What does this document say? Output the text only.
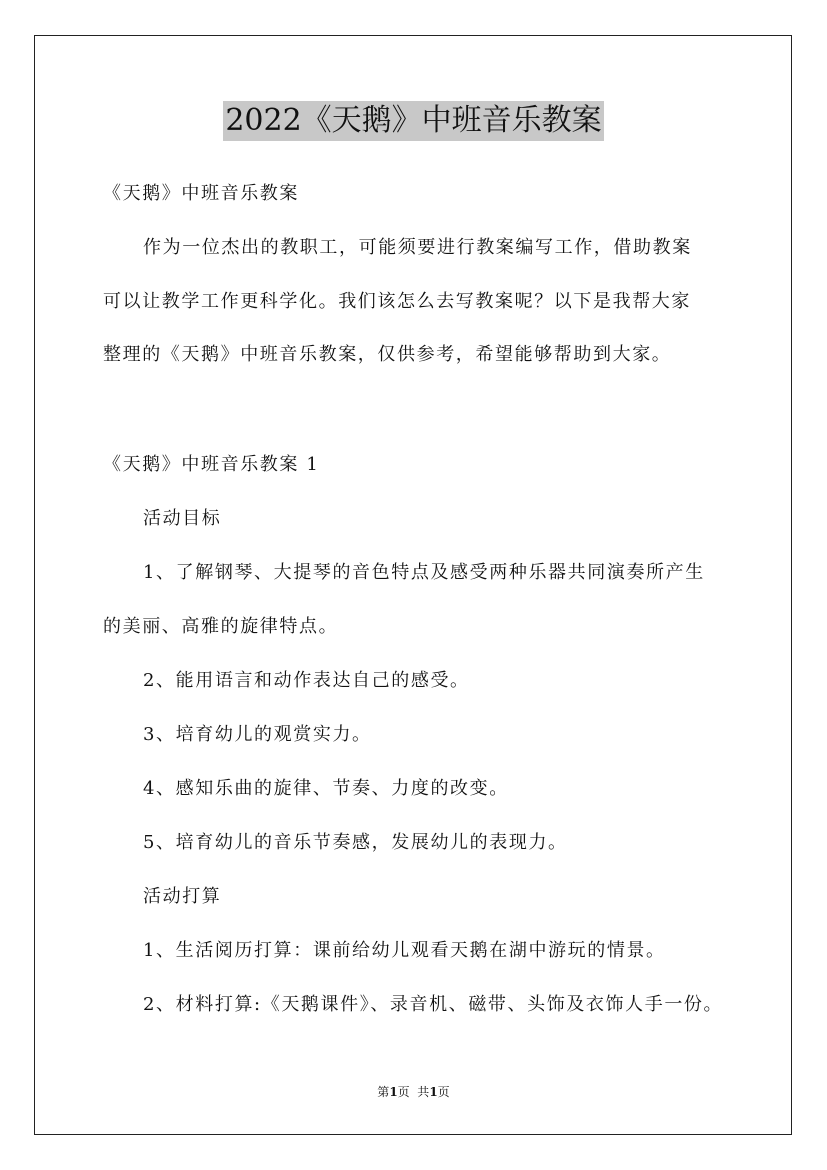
2022《天鹅》中班音乐教案
《天鹅》中班音乐教案
作为一位杰出的教职工，可能须要进行教案编写工作，借助教案
可以让教学工作更科学化。我们该怎么去写教案呢？以下是我帮大家
整理的《天鹅》中班音乐教案，仅供参考，希望能够帮助到大家。
《天鹅》中班音乐教案 1
活动目标
1、了解钢琴、大提琴的音色特点及感受两种乐器共同演奏所产生
的美丽、高雅的旋律特点。
2、能用语言和动作表达自己的感受。
3、培育幼儿的观赏实力。
4、感知乐曲的旋律、节奏、力度的改变。
5、培育幼儿的音乐节奏感，发展幼儿的表现力。
活动打算
1、生活阅历打算：课前给幼儿观看天鹅在湖中游玩的情景。
2、材料打算:《天鹅课件》、录音机、磁带、头饰及衣饰人手一份。
第1页  共1页
